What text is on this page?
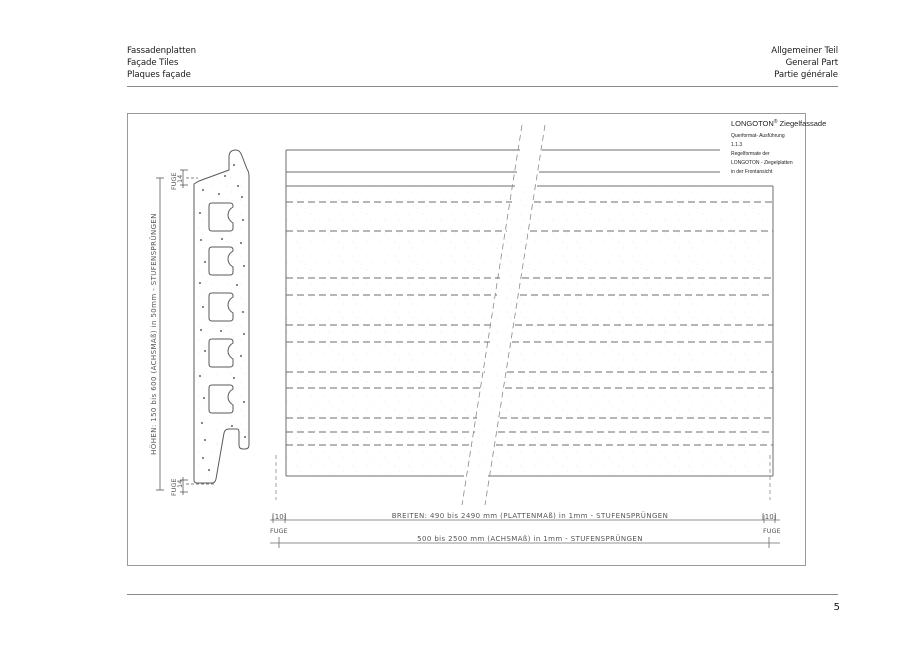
Fassadenplatten
Façade Tiles
Plaques façade
Allgemeiner Teil
General Part
Partie générale
FUGE
14
FUGE
14
HÖHEN: 150 bis 600 (ACHSMAß) in 50mm - STUFENSPRÜNGEN
[10]
FUGE
[10]
FUGE
BREITEN: 490 bis 2490 mm (PLATTENMAß) in 1mm - STUFENSPRÜNGEN
500 bis 2500 mm (ACHSMAß) in 1mm - STUFENSPRÜNGEN
LONGOTON® Ziegelfassade
Querformat- Ausführung
1.1.3
Regelformate der
LONGOTON - Ziegelplatten
in der Frontansicht
5
